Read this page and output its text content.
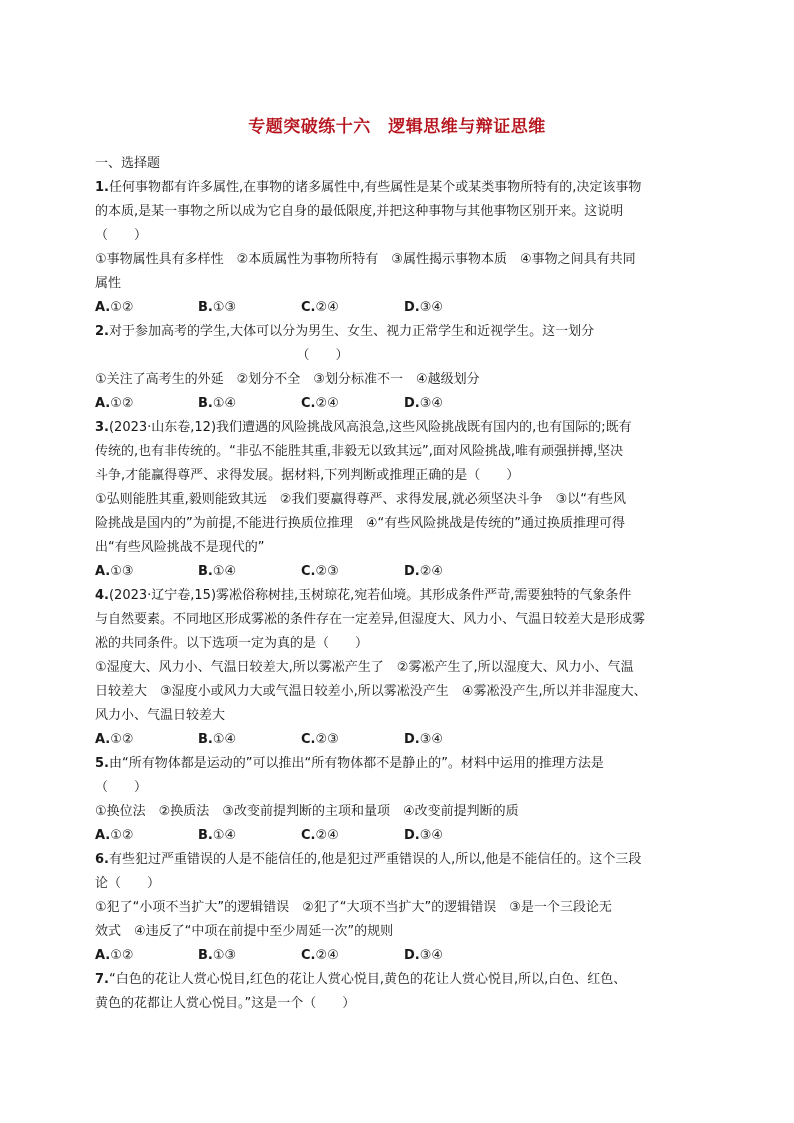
专题突破练十六　逻辑思维与辩证思维
一、选择题
1.任何事物都有许多属性,在事物的诸多属性中,有些属性是某个或某类事物所特有的,决定该事物
的本质,是某一事物之所以成为它自身的最低限度,并把这种事物与其他事物区别开来。这说明
（　　）
①事物属性具有多样性　②本质属性为事物所特有　③属性揭示事物本质　④事物之间具有共同
属性
A.①②	B.①③	C.②④	D.③④
2.对于参加高考的学生,大体可以分为男生、女生、视力正常学生和近视学生。这一划分
　　　　　　　　　　　　　　　　（　　）
①关注了高考生的外延　②划分不全　③划分标准不一　④越级划分
A.①②	B.①④	C.②④	D.③④
3.(2023·山东卷,12)我们遭遇的风险挑战风高浪急,这些风险挑战既有国内的,也有国际的;既有
传统的,也有非传统的。“非弘不能胜其重,非毅无以致其远”,面对风险挑战,唯有顽强拼搏,坚决
斗争,才能赢得尊严、求得发展。据材料,下列判断或推理正确的是（　　）
①弘则能胜其重,毅则能致其远　②我们要赢得尊严、求得发展,就必须坚决斗争　③以“有些风
险挑战是国内的”为前提,不能进行换质位推理　④“有些风险挑战是传统的”通过换质推理可得
出“有些风险挑战不是现代的”
A.①③	B.①④	C.②③	D.②④
4.(2023·辽宁卷,15)雾凇俗称树挂,玉树琼花,宛若仙境。其形成条件严苛,需要独特的气象条件
与自然要素。不同地区形成雾凇的条件存在一定差异,但湿度大、风力小、气温日较差大是形成雾
凇的共同条件。以下选项一定为真的是（　　）
①湿度大、风力小、气温日较差大,所以雾凇产生了　②雾凇产生了,所以湿度大、风力小、气温
日较差大　③湿度小或风力大或气温日较差小,所以雾凇没产生　④雾凇没产生,所以并非湿度大、
风力小、气温日较差大
A.①②	B.①④	C.②③	D.③④
5.由“所有物体都是运动的”可以推出“所有物体都不是静止的”。材料中运用的推理方法是
（　　）
①换位法　②换质法　③改变前提判断的主项和量项　④改变前提判断的质
A.①②	B.①④	C.②④	D.③④
6.有些犯过严重错误的人是不能信任的,他是犯过严重错误的人,所以,他是不能信任的。这个三段
论（　　）
①犯了“小项不当扩大”的逻辑错误　②犯了“大项不当扩大”的逻辑错误　③是一个三段论无
效式　④违反了“中项在前提中至少周延一次”的规则
A.①②	B.①③	C.②④	D.③④
7.“白色的花让人赏心悦目,红色的花让人赏心悦目,黄色的花让人赏心悦目,所以,白色、红色、
黄色的花都让人赏心悦目。”这是一个（　　）
